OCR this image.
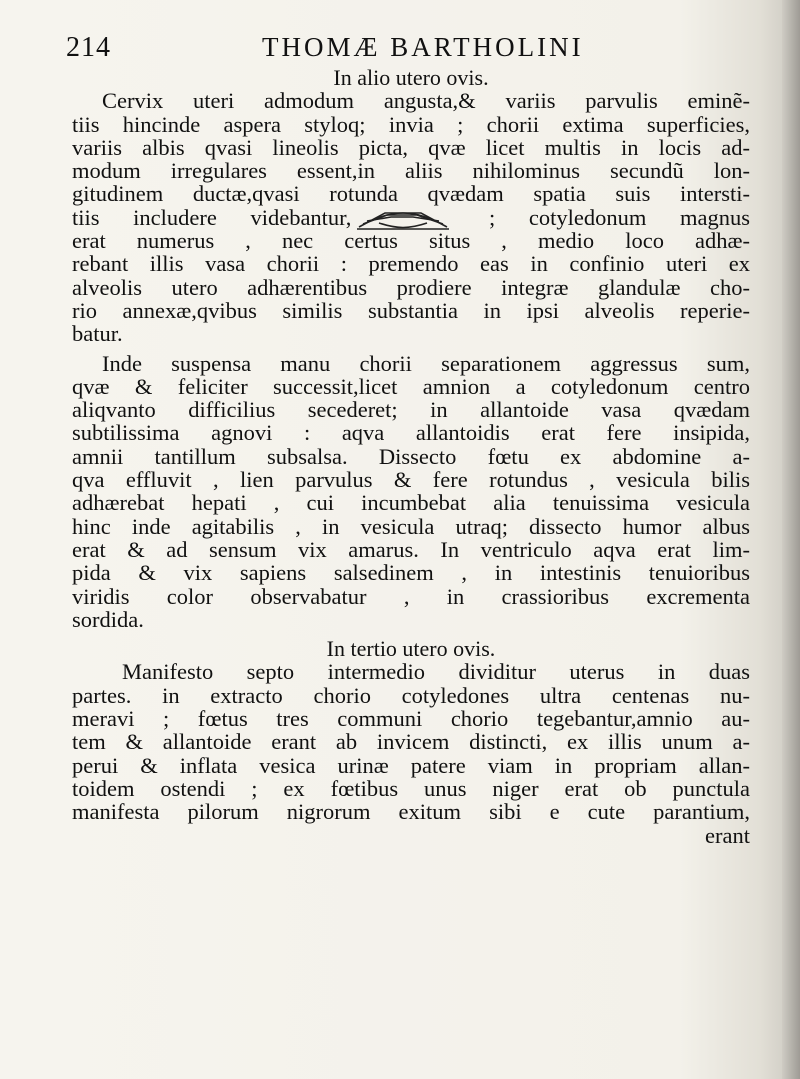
214	THOMÆ BARTHOLINI
In alio utero ovis.
Cervix uteri admodum angusta,& variis parvulis eminẽ-
tiis hincinde aspera styloq; invia ; chorii extima superficies,
variis albis qvasi lineolis picta, qvæ licet multis in locis ad-
modum irregulares essent,in aliis nihilominus secundũ lon-
gitudinem ductæ,qvasi rotunda qvædam spatia suis intersti-
tiis includere videbantur,	; cotyledonum magnus
erat numerus , nec certus situs , medio loco adhæ-
rebant illis vasa chorii : premendo eas in confinio uteri ex
alveolis utero adhærentibus prodiere integræ glandulæ cho-
rio annexæ,qvibus similis substantia in ipsi alveolis reperie-
batur.
Inde suspensa manu chorii separationem aggressus sum,
qvæ & feliciter successit,licet amnion a cotyledonum centro
aliqvanto difficilius secederet; in allantoide vasa qvædam
subtilissima agnovi : aqva allantoidis erat fere insipida,
amnii tantillum subsalsa. Dissecto fœtu ex abdomine a-
qva effluvit , lien parvulus & fere rotundus , vesicula bilis
adhærebat hepati , cui incumbebat alia tenuissima vesicula
hinc inde agitabilis , in vesicula utraq; dissecto humor albus
erat & ad sensum vix amarus. In ventriculo aqva erat lim-
pida & vix sapiens salsedinem , in intestinis tenuioribus
viridis color observabatur , in crassioribus excrementa
sordida.
In tertio utero ovis.
Manifesto septo intermedio dividitur uterus in duas
partes. in extracto chorio cotyledones ultra centenas nu-
meravi ; fœtus tres communi chorio tegebantur,amnio au-
tem & allantoide erant ab invicem distincti, ex illis unum a-
perui & inflata vesica urinæ patere viam in propriam allan-
toidem ostendi ; ex fœtibus unus niger erat ob punctula
manifesta pilorum nigrorum exitum sibi e cute parantium,
erant
